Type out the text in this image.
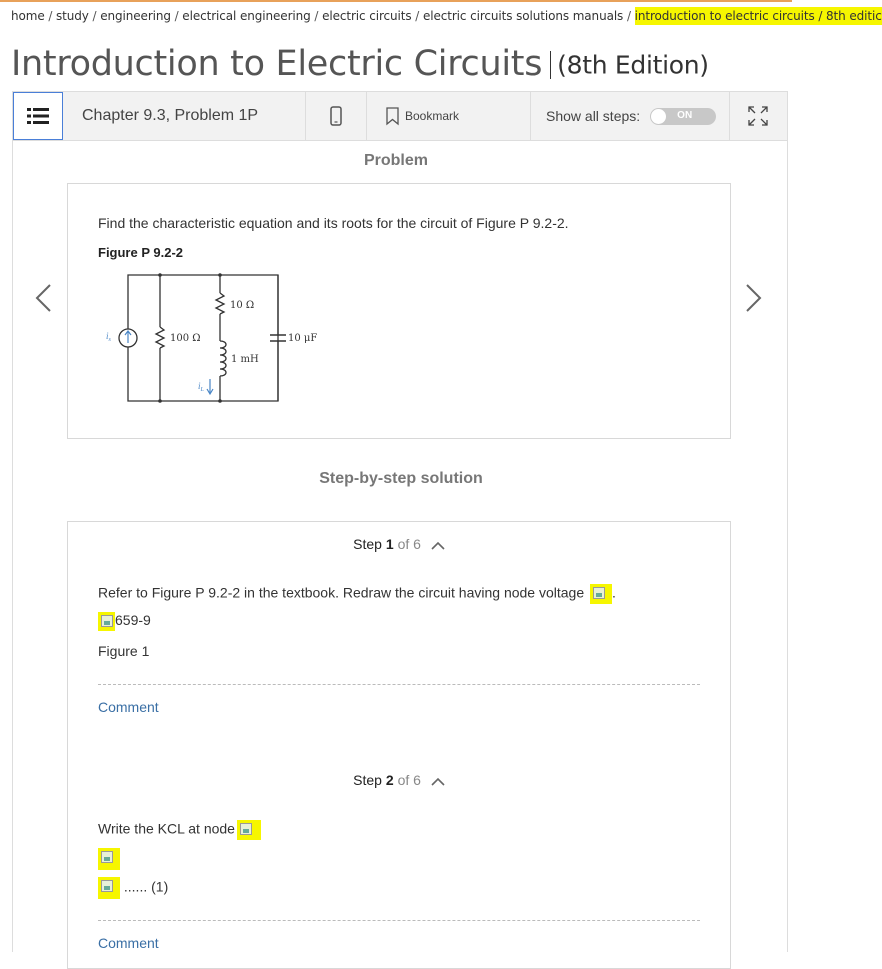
home / study / engineering / electrical engineering / electric circuits / electric circuits solutions manuals / introduction to electric circuits / 8th editic
Introduction to Electric Circuits (8th Edition)
Chapter 9.3, Problem 1P	Bookmark	Show all steps:	ON
Problem
Find the characteristic equation and its roots for the circuit of Figure P 9.2-2.
Figure P 9.2-2
$i_s$	100 Ω
10 Ω
1 mH
10 μF
$i_L$
Step-by-step solution
Step 1 of 6
Refer to Figure P 9.2-2 in the textbook. Redraw the circuit having node voltage .
659-9
Figure 1
Comment
Step 2 of 6
Write the KCL at node
...... (1)
Comment
